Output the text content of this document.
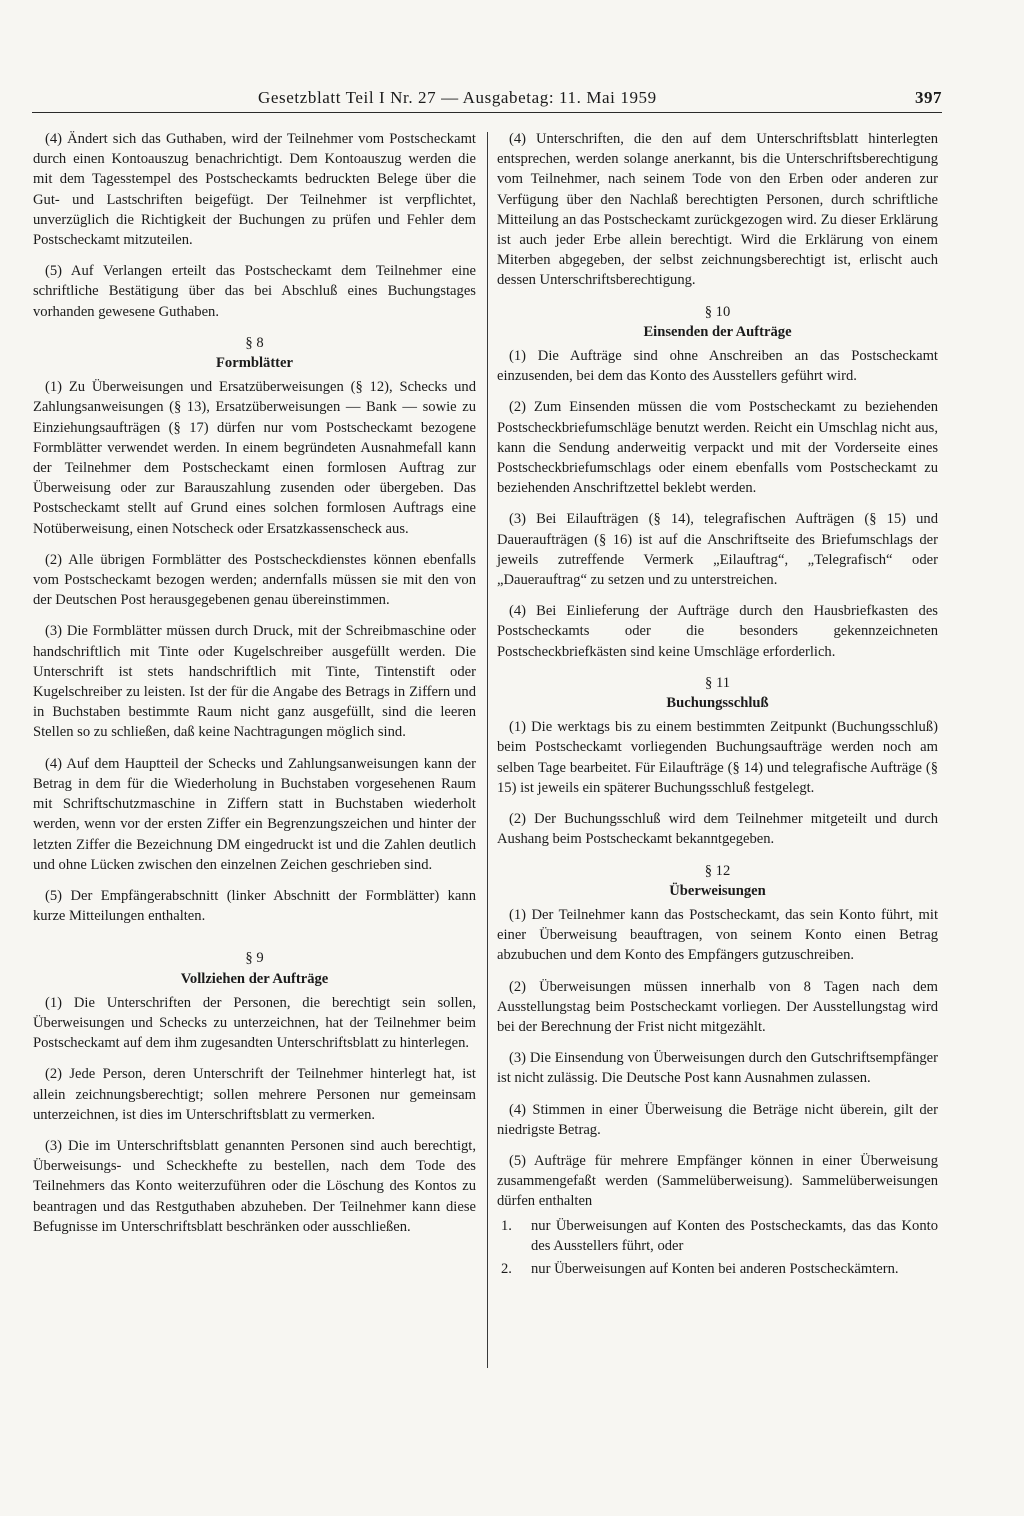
Gesetzblatt Teil I Nr. 27 — Ausgabetag: 11. Mai 1959	397

(4) Ändert sich das Guthaben, wird der Teilnehmer vom Postscheckamt durch einen Kontoauszug benachrichtigt. Dem Kontoauszug werden die mit dem Tagesstempel des Postscheckamts bedruckten Belege über die Gut- und Lastschriften beigefügt. Der Teilnehmer ist verpflichtet, unverzüglich die Richtigkeit der Buchungen zu prüfen und Fehler dem Postscheckamt mitzuteilen.

(5) Auf Verlangen erteilt das Postscheckamt dem Teilnehmer eine schriftliche Bestätigung über das bei Abschluß eines Buchungstages vorhanden gewesene Guthaben.

§ 8
Formblätter

(1) Zu Überweisungen und Ersatzüberweisungen (§ 12), Schecks und Zahlungsanweisungen (§ 13), Ersatzüberweisungen — Bank — sowie zu Einziehungsaufträgen (§ 17) dürfen nur vom Postscheckamt bezogene Formblätter verwendet werden. In einem begründeten Ausnahmefall kann der Teilnehmer dem Postscheckamt einen formlosen Auftrag zur Überweisung oder zur Barauszahlung zusenden oder übergeben. Das Postscheckamt stellt auf Grund eines solchen formlosen Auftrags eine Notüberweisung, einen Notscheck oder Ersatzkassenscheck aus.

(2) Alle übrigen Formblätter des Postscheckdienstes können ebenfalls vom Postscheckamt bezogen werden; andernfalls müssen sie mit den von der Deutschen Post herausgegebenen genau übereinstimmen.

(3) Die Formblätter müssen durch Druck, mit der Schreibmaschine oder handschriftlich mit Tinte oder Kugelschreiber ausgefüllt werden. Die Unterschrift ist stets handschriftlich mit Tinte, Tintenstift oder Kugelschreiber zu leisten. Ist der für die Angabe des Betrags in Ziffern und in Buchstaben bestimmte Raum nicht ganz ausgefüllt, sind die leeren Stellen so zu schließen, daß keine Nachtragungen möglich sind.

(4) Auf dem Hauptteil der Schecks und Zahlungsanweisungen kann der Betrag in dem für die Wiederholung in Buchstaben vorgesehenen Raum mit Schriftschutzmaschine in Ziffern statt in Buchstaben wiederholt werden, wenn vor der ersten Ziffer ein Begrenzungszeichen und hinter der letzten Ziffer die Bezeichnung DM eingedruckt ist und die Zahlen deutlich und ohne Lücken zwischen den einzelnen Zeichen geschrieben sind.

(5) Der Empfängerabschnitt (linker Abschnitt der Formblätter) kann kurze Mitteilungen enthalten.

§ 9
Vollziehen der Aufträge

(1) Die Unterschriften der Personen, die berechtigt sein sollen, Überweisungen und Schecks zu unterzeichnen, hat der Teilnehmer beim Postscheckamt auf dem ihm zugesandten Unterschriftsblatt zu hinterlegen.

(2) Jede Person, deren Unterschrift der Teilnehmer hinterlegt hat, ist allein zeichnungsberechtigt; sollen mehrere Personen nur gemeinsam unterzeichnen, ist dies im Unterschriftsblatt zu vermerken.

(3) Die im Unterschriftsblatt genannten Personen sind auch berechtigt, Überweisungs- und Scheckhefte zu bestellen, nach dem Tode des Teilnehmers das Konto weiterzuführen oder die Löschung des Kontos zu beantragen und das Restguthaben abzuheben. Der Teilnehmer kann diese Befugnisse im Unterschriftsblatt beschränken oder ausschließen.

(4) Unterschriften, die den auf dem Unterschriftsblatt hinterlegten entsprechen, werden solange anerkannt, bis die Unterschriftsberechtigung vom Teilnehmer, nach seinem Tode von den Erben oder anderen zur Verfügung über den Nachlaß berechtigten Personen, durch schriftliche Mitteilung an das Postscheckamt zurückgezogen wird. Zu dieser Erklärung ist auch jeder Erbe allein berechtigt. Wird die Erklärung von einem Miterben abgegeben, der selbst zeichnungsberechtigt ist, erlischt auch dessen Unterschriftsberechtigung.

§ 10
Einsenden der Aufträge

(1) Die Aufträge sind ohne Anschreiben an das Postscheckamt einzusenden, bei dem das Konto des Ausstellers geführt wird.

(2) Zum Einsenden müssen die vom Postscheckamt zu beziehenden Postscheckbriefumschläge benutzt werden. Reicht ein Umschlag nicht aus, kann die Sendung anderweitig verpackt und mit der Vorderseite eines Postscheckbriefumschlags oder einem ebenfalls vom Postscheckamt zu beziehenden Anschriftzettel beklebt werden.

(3) Bei Eilaufträgen (§ 14), telegrafischen Aufträgen (§ 15) und Daueraufträgen (§ 16) ist auf die Anschriftseite des Briefumschlags der jeweils zutreffende Vermerk „Eilauftrag“, „Telegrafisch“ oder „Dauerauftrag“ zu setzen und zu unterstreichen.

(4) Bei Einlieferung der Aufträge durch den Hausbriefkasten des Postscheckamts oder die besonders gekennzeichneten Postscheckbriefkästen sind keine Umschläge erforderlich.

§ 11
Buchungsschluß

(1) Die werktags bis zu einem bestimmten Zeitpunkt (Buchungsschluß) beim Postscheckamt vorliegenden Buchungsaufträge werden noch am selben Tage bearbeitet. Für Eilaufträge (§ 14) und telegrafische Aufträge (§ 15) ist jeweils ein späterer Buchungsschluß festgelegt.

(2) Der Buchungsschluß wird dem Teilnehmer mitgeteilt und durch Aushang beim Postscheckamt bekanntgegeben.

§ 12
Überweisungen

(1) Der Teilnehmer kann das Postscheckamt, das sein Konto führt, mit einer Überweisung beauftragen, von seinem Konto einen Betrag abzubuchen und dem Konto des Empfängers gutzuschreiben.

(2) Überweisungen müssen innerhalb von 8 Tagen nach dem Ausstellungstag beim Postscheckamt vorliegen. Der Ausstellungstag wird bei der Berechnung der Frist nicht mitgezählt.

(3) Die Einsendung von Überweisungen durch den Gutschriftsempfänger ist nicht zulässig. Die Deutsche Post kann Ausnahmen zulassen.

(4) Stimmen in einer Überweisung die Beträge nicht überein, gilt der niedrigste Betrag.

(5) Aufträge für mehrere Empfänger können in einer Überweisung zusammengefaßt werden (Sammelüberweisung). Sammelüberweisungen dürfen enthalten

1.	nur Überweisungen auf Konten des Postscheckamts, das das Konto des Ausstellers führt, oder
2.	nur Überweisungen auf Konten bei anderen Postscheckämtern.
